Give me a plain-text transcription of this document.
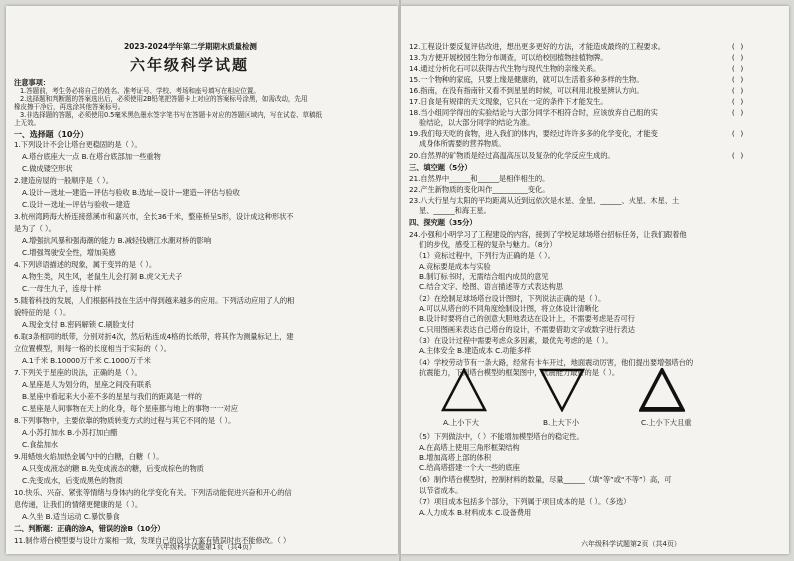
2023-2024学年第二学期期末质量检测
六年级科学试题
注意事项：
1.答题前，考生务必将自己的姓名、准考证号、学校、考场和座号填写在相应位置。
2.选择题和判断题的答案选出后，必须使用2B铅笔把答题卡上对应的答案标号涂黑，如需改动，先用
橡皮擦干净后，再选涂其他答案标号。
3.非选择题的答题，必须使用0.5毫米黑色墨水签字笔书写在答题卡对应的答题区域内，写在试卷、草稿纸
上无效。
一、选择题（10分）
1.下列设计不会让塔台更稳固的是（ ）。
A.塔台底座大一点 B.在塔台底部加一些重物
C.做成镂空形状
2.建造房屋的一般顺序是（ ）。
A.设计—选址—建造—评估与验收 B.选址—设计—建造—评估与验收
C.设计—选址—评估与验收—建造
3.杭州湾跨海大桥连接慈溪市和嘉兴市，全长36千米，整座桥呈S形，设计成这种形状不
是为了（ ）。
A.增强抗风暴和强海潮的能力 B.减轻钱塘江水潮对桥的影响
C.增强驾驶安全性，增加美感
4.下列谚语描述的现象，属于变异的是（ ）。
A.物生类，风生风，老鼠生儿会打洞 B.虎父无犬子
C.一母生九子，连母十样
5.随着科技的发展，人们根据科技在生活中得到越来越多的应用。下列活动应用了人的相
貌特征的是（ ）。
A.现金支付 B.密码解锁 C.刷脸支付
6.取3条相同的纸带，分别对折4次，然后粘连成4格的长纸带，将其作为测量标记上，建
立位置模型，则每一格的长度相当于实际的（ ）。
A.1千米 B.10000万千米 C.1000万千米
7.下列关于星座的说法，正确的是（ ）。
A.星座是人为划分的，星座之间没有联系
B.星座中看起来大小差不多的星星与我们的距离是一样的
C.星座是人间事物在天上的化身，每个星座都与地上的事物一一对应
8.下列事物中，主要依靠的物质转变方式的过程与其它不同的是（ ）。
A.小苏打加水 B.小苏打加白醋
C.食盐加水
9.用蜡烛火焰加热金属勺中的白糖，白糖（ ）。
A.只变成液态的糖 B.先变成液态的糖，后变成棕色的物质
C.先变成水，后变成黑色的物质
10.快乐、兴奋、紧张等情绪与身体内的化学变化有关。下列活动能促进兴奋和开心的信
息传递，让我们的情绪更健康的是（ ）。
A.久坐 B.适当运动 C.暴饮暴食
二、判断题：正确的涂A，错误的涂B（10分）
11.制作塔台模型要与设计方案相一致，发现自己的设计方案有错误时也不能修改。（ ）
六年级科学试题第1页（共4页）
12.工程设计要反复评估改进，想出更多更好的方法，才能造成最终的工程要求。
13.为方便开展校园生物分布调查，可以给校园植物挂植物牌。
14.通过分析化石可以获得古代生物与现代生物的亲缘关系。
15.一个物种的家庭，只要上缘是健康的，就可以生活着多种多样的生物。
16.指南，在没有指南针又看不到星星的时候，可以利用北极星辨认方向。
17.日食是有规律的天文现象，它只在一定的条件下才能发生。
18.当小组同学得出的实验结论与大部分同学不相符合时，应该放弃自己组的实
验结论，以大部分同学的结论为准。
19.我们每天吃的食物，进入我们的体内，要经过许许多多的化学变化，才能变
成身体所需要的营养物质。
20.自然界的矿物质是经过高温高压以及复杂的化学反应生成的。
三、填空题（5分）
21.自然界中______和______是相伴相生的。
22.产生新物质的变化叫作__________变化。
23.八大行星与太阳的平均距离从近到远依次是水星、金星、______、火星、木星、土
星、______和海王星。
四、探究题（35分）
24.小强和小明学习了工程建设的内容，接到了学校足球场塔台招标任务，让我们跟着他
们的步伐，感受工程的复杂与魅力。（8分）
（1）竞标过程中，下列行为正确的是（ ）。
A.竞标要是成本与实验
B.制订标书时，无需结合组内成员的意见
C.结合文字、绘图、语言描述等方式表达构思
（2）在绘制足球场塔台设计图时，下列说法正确的是（ ）。
A.可以从塔台的不同角度绘制设计图，将立体设计清晰化
B.设计时要将自己的创意大胆地表达在设计上，不需要考虑是否可行
C.只用图画来表达自己塔台的设计，不需要借助文字或数字进行表达
（3）在设计过程中需要考虑众多因素，最优先考虑的是（ ）。
A.主体安全 B.建造成本 C.功能多样
（4）学校劳动节有一条大路，经常有卡车开过，地面震动厉害，他们提出要增强塔台的
抗震能力，下列塔台模型的框架图中，抗震能力最好的是（ ）。
（5）下列做法中，（ ）不能增加模型塔台的稳定性。
A.在高塔上使用三角形框架结构
B.增加高塔上部的体积
C.给高塔搭建一个大一些的底座
（6）制作塔台模型时，控制材料的数量，尽量______（填“等”或“不等”）高，可
以节省成本。
（7）项目成本包括多个部分，下列属于项目成本的是（ ）。（多选）
A.人力成本 B.材料成本 C.设备费用
( )
( )
( )
( )
( )
( )
( )
( )
( )
A.上小下大	B.上大下小	C.上小下大且重
六年级科学试题第2页（共4页）
